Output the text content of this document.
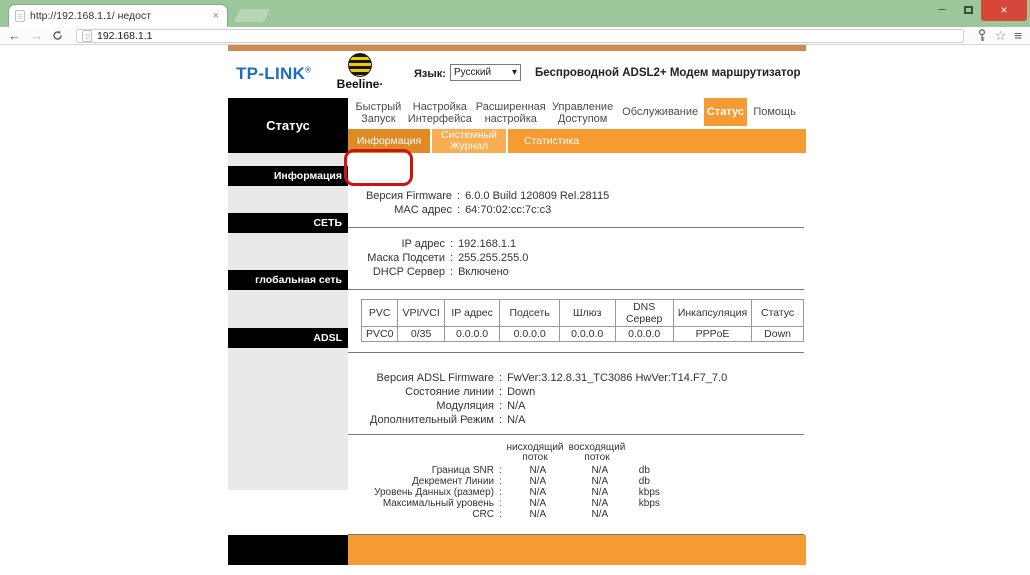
http://192.168.1.1/ недост	×	–	×
← →	192.168.1.1	☆ ≡
TP-LINK®
Beeline·
Язык: Русский ▾ Беспроводной ADSL2+ Модем маршрутизатор
Статус
Быстрый Запуск
Настройка Интерфейса
Расширенная настройка
Управление Доступом
Обслуживание Статус Помощь
Информация	Системный Журнал	Статистика
Информация
СЕТЬ
глобальная сеть
ADSL
Версия Firmware : 6.0.0 Build 120809 Rel.28115
MAC адрес : 64:70:02:cc:7c:c3
IP адрес : 192.168.1.1
Маска Подсети : 255.255.255.0
DHCP Сервер : Включено
PVC	VPI/VCI	IP адрес	Подсеть	Шлюз	DNS Сервер	Инкапсуляция	Статус
PVC0	0/35	0.0.0.0	0.0.0.0	0.0.0.0	0.0.0.0	PPPoE	Down
Версия ADSL Firmware : FwVer:3.12.8.31_TC3086 HwVer:T14.F7_7.0
Состояние линии : Down
Модуляция : N/A
Дополнительный Режим : N/A
нисходящий поток
восходящий поток
Граница SNR :	N/A	N/A	db
Декремент Линии :	N/A	N/A	db
Уровень Данных (размер) :	N/A	N/A	kbps
Максимальный уровень :	N/A	N/A	kbps
CRC :	N/A	N/A
